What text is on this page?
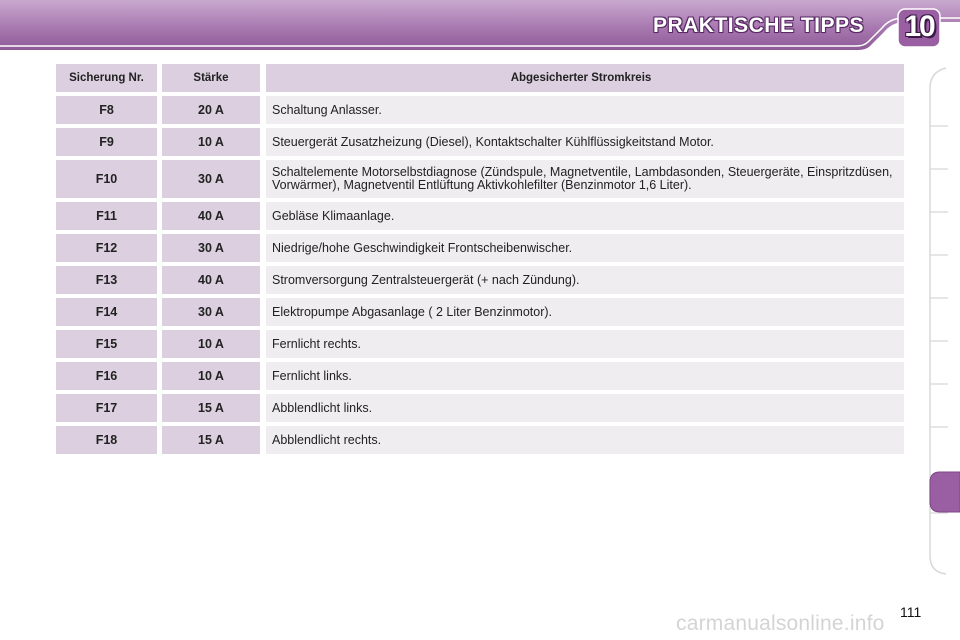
PRAKTISCHE TIPPS 10
Sicherung Nr.	Stärke	Abgesicherter Stromkreis
F8	20 A	Schaltung Anlasser.
F9	10 A	Steuergerät Zusatzheizung (Diesel), Kontaktschalter Kühlflüssigkeitstand Motor.
F10	30 A	Schaltelemente Motorselbstdiagnose (Zündspule, Magnetventile, Lambdasonden, Steuergeräte, Einspritzdüsen, Vorwärmer), Magnetventil Entlüftung Aktivkohlefilter (Benzinmotor 1,6 Liter).
F11	40 A	Gebläse Klimaanlage.
F12	30 A	Niedrige/hohe Geschwindigkeit Frontscheibenwischer.
F13	40 A	Stromversorgung Zentralsteuergerät (+ nach Zündung).
F14	30 A	Elektropumpe Abgasanlage ( 2 Liter Benzinmotor).
F15	10 A	Fernlicht rechts.
F16	10 A	Fernlicht links.
F17	15 A	Abblendlicht links.
F18	15 A	Abblendlicht rechts.
111
carmanualsonline.info
